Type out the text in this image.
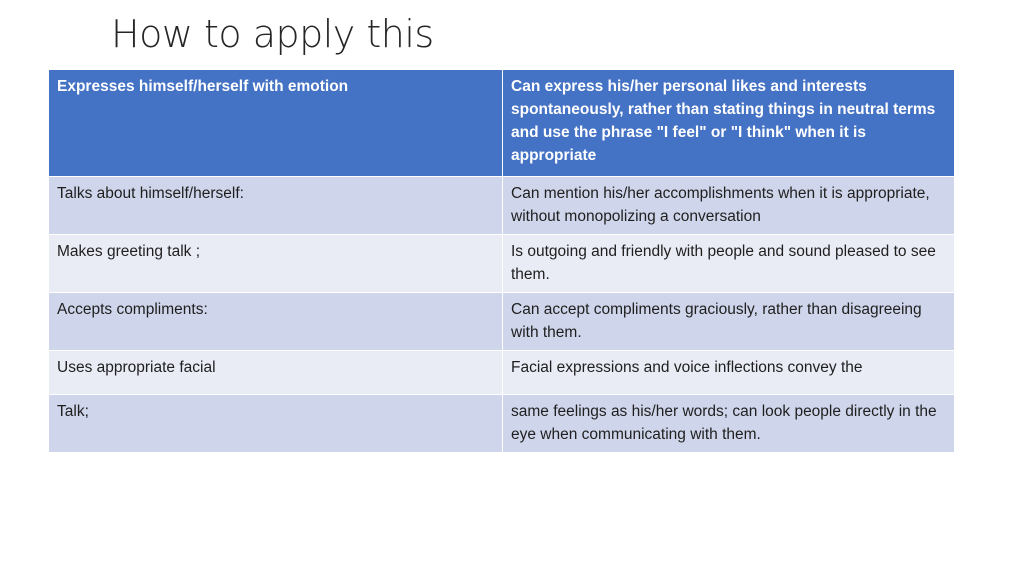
How to apply this
Expresses himself/herself with emotion	Can express his/her personal likes and interests spontaneously, rather than stating things in neutral terms and use the phrase "I feel" or "I think" when it is appropriate
Talks about himself/herself:	Can mention his/her accomplishments when it is appropriate, without monopolizing a conversation
Makes greeting talk ;	Is outgoing and friendly with people and sound pleased to see them.
Accepts compliments:	Can accept compliments graciously, rather than disagreeing with them.
Uses appropriate facial	Facial expressions and voice inflections convey the
Talk;	same feelings as his/her words; can look people directly in the eye when communicating with them.
